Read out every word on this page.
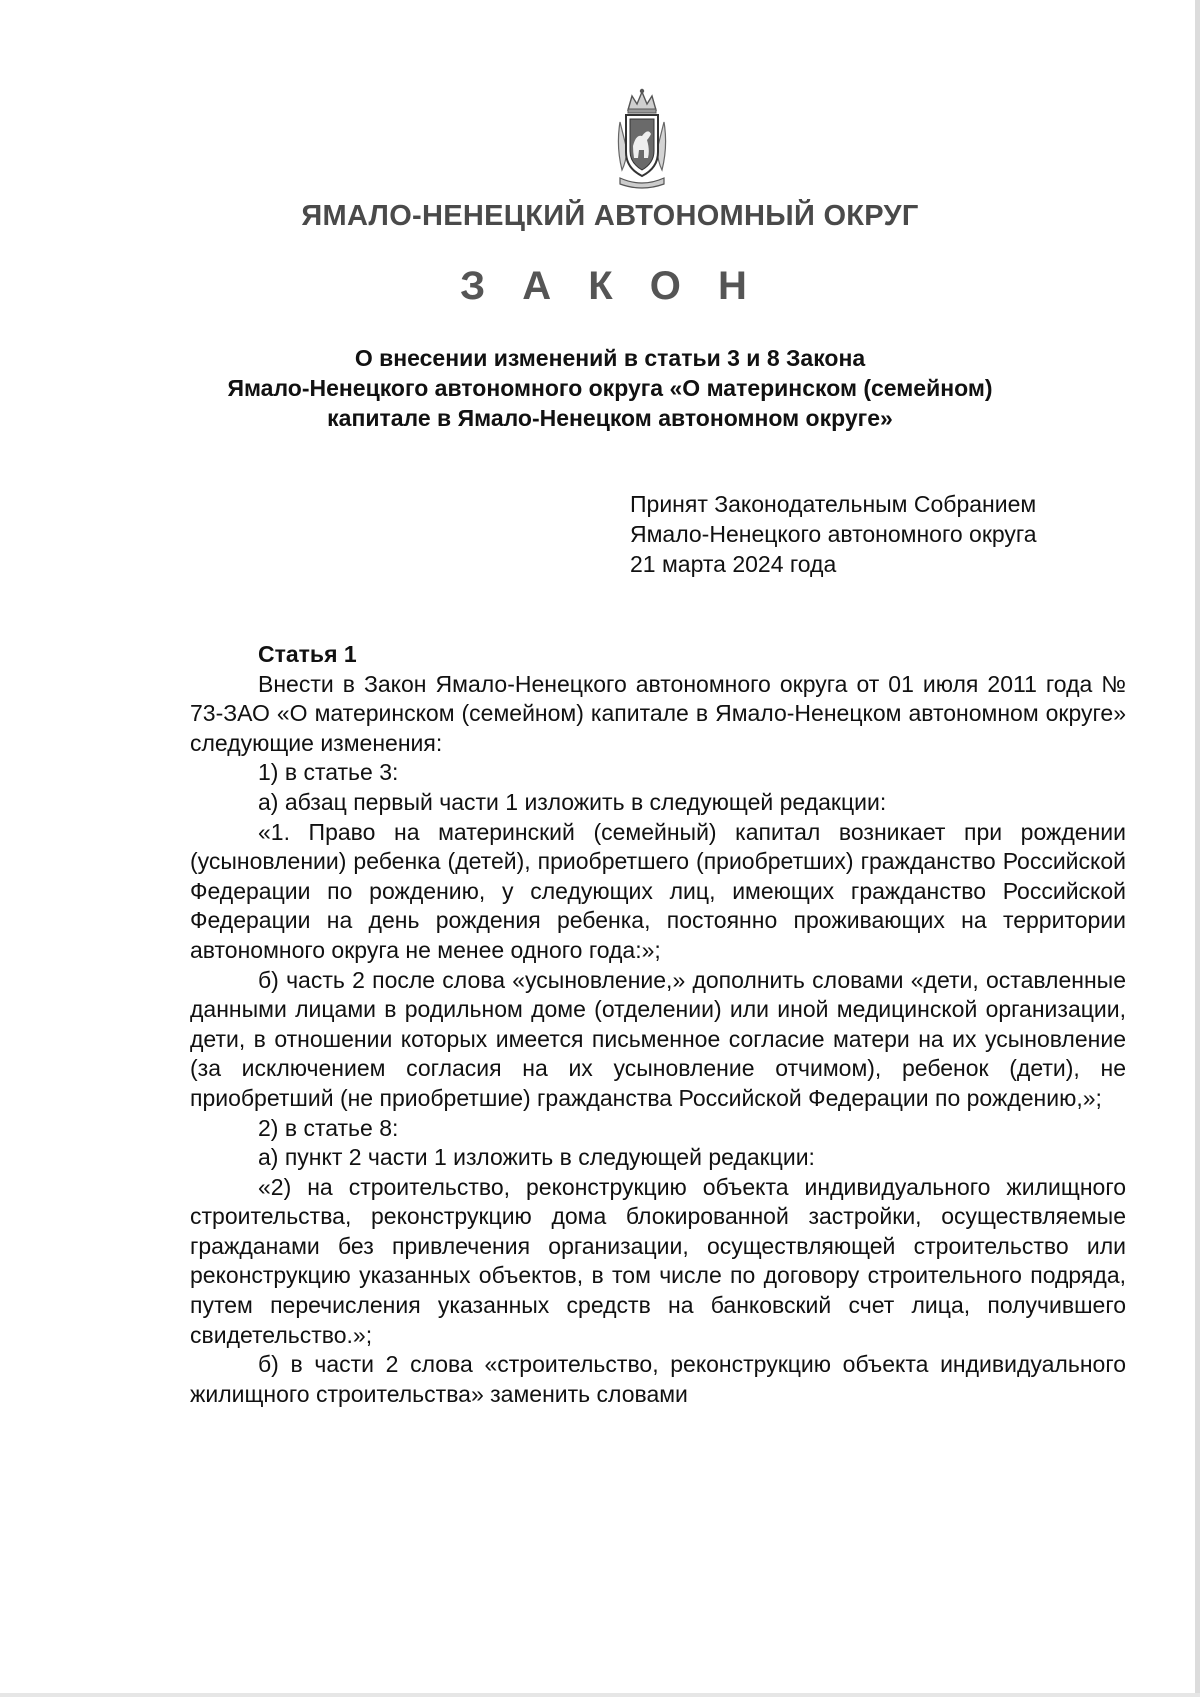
ЯМАЛО-НЕНЕЦКИЙ АВТОНОМНЫЙ ОКРУГ
З А К О Н
О внесении изменений в статьи 3 и 8 Закона
Ямало-Ненецкого автономного округа «О материнском (семейном)
капитале в Ямало-Ненецком автономном округе»
Принят Законодательным Собранием
Ямало-Ненецкого автономного округа
21 марта 2024 года
Статья 1

Внести в Закон Ямало-Ненецкого автономного округа от 01 июля 2011 года № 73-ЗАО «О материнском (семейном) капитале в Ямало-Ненецком автономном округе» следующие изменения:

1) в статье 3:

а) абзац первый части 1 изложить в следующей редакции:

«1. Право на материнский (семейный) капитал возникает при рождении (усыновлении) ребенка (детей), приобретшего (приобретших) гражданство Российской Федерации по рождению, у следующих лиц, имеющих гражданство Российской Федерации на день рождения ребенка, постоянно проживающих на территории автономного округа не менее одного года:»;

б) часть 2 после слова «усыновление,» дополнить словами «дети, оставленные данными лицами в родильном доме (отделении) или иной медицинской организации, дети, в отношении которых имеется письменное согласие матери на их усыновление (за исключением согласия на их усыновление отчимом), ребенок (дети), не приобретший (не приобретшие) гражданства Российской Федерации по рождению,»;

2) в статье 8:

а) пункт 2 части 1 изложить в следующей редакции:

«2) на строительство, реконструкцию объекта индивидуального жилищного строительства, реконструкцию дома блокированной застройки, осуществляемые гражданами без привлечения организации, осуществляющей строительство или реконструкцию указанных объектов, в том числе по договору строительного подряда, путем перечисления указанных средств на банковский счет лица, получившего свидетельство.»;

б) в части 2 слова «строительство, реконструкцию объекта индивидуального жилищного строительства» заменить словами
